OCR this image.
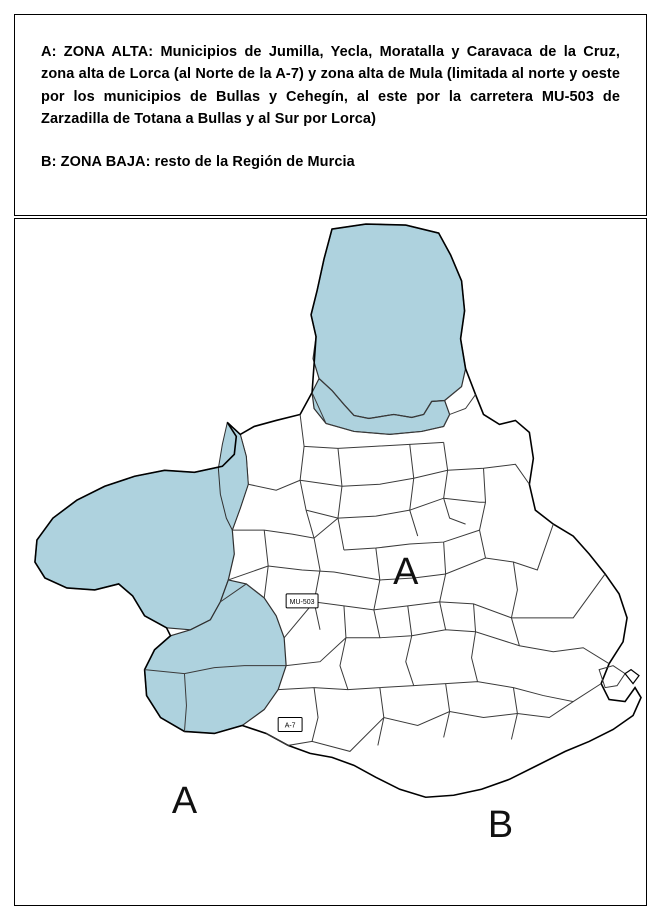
A: ZONA ALTA: Municipios de Jumilla, Yecla, Moratalla y Caravaca de la Cruz, zona alta de Lorca (al Norte de la A-7) y zona alta de Mula (limitada al norte y oeste por los municipios de Bullas y Cehegín, al este por la carretera MU-503 de Zarzadilla de Totana a Bullas y al Sur por Lorca)

B: ZONA BAJA: resto de la Región de Murcia

A
A
B
MU-503
A-7
